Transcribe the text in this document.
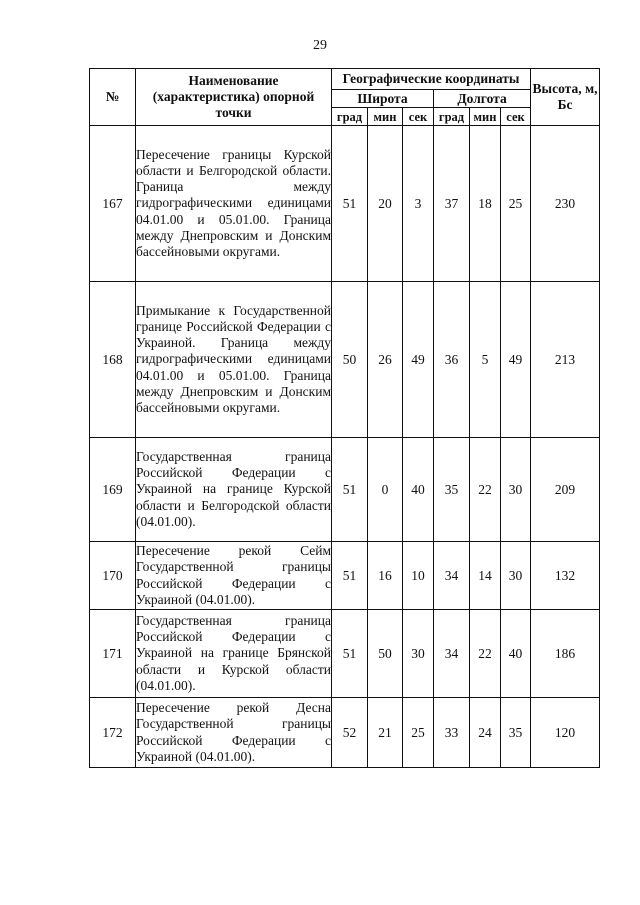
29
№	Наименование (характеристика) опорной точки	Географические координаты						Высота, м, Бс
		Широта			Долгота			
		град	мин	сек	град	мин	сек	
167	Пересечение границы Курской области и Белгородской области. Граница между гидрографическими единицами 04.01.00 и 05.01.00. Граница между Днепровским и Донским бассейновыми округами.	51	20	3	37	18	25	230
168	Примыкание к Государственной границе Российской Федерации с Украиной. Граница между гидрографическими единицами 04.01.00 и 05.01.00. Граница между Днепровским и Донским бассейновыми округами.	50	26	49	36	5	49	213
169	Государственная граница Российской Федерации с Украиной на границе Курской области и Белгородской области (04.01.00).	51	0	40	35	22	30	209
170	Пересечение рекой Сейм Государственной границы Российской Федерации с Украиной (04.01.00).	51	16	10	34	14	30	132
171	Государственная граница Российской Федерации с Украиной на границе Брянской области и Курской области (04.01.00).	51	50	30	34	22	40	186
172	Пересечение рекой Десна Государственной границы Российской Федерации с Украиной (04.01.00).	52	21	25	33	24	35	120
